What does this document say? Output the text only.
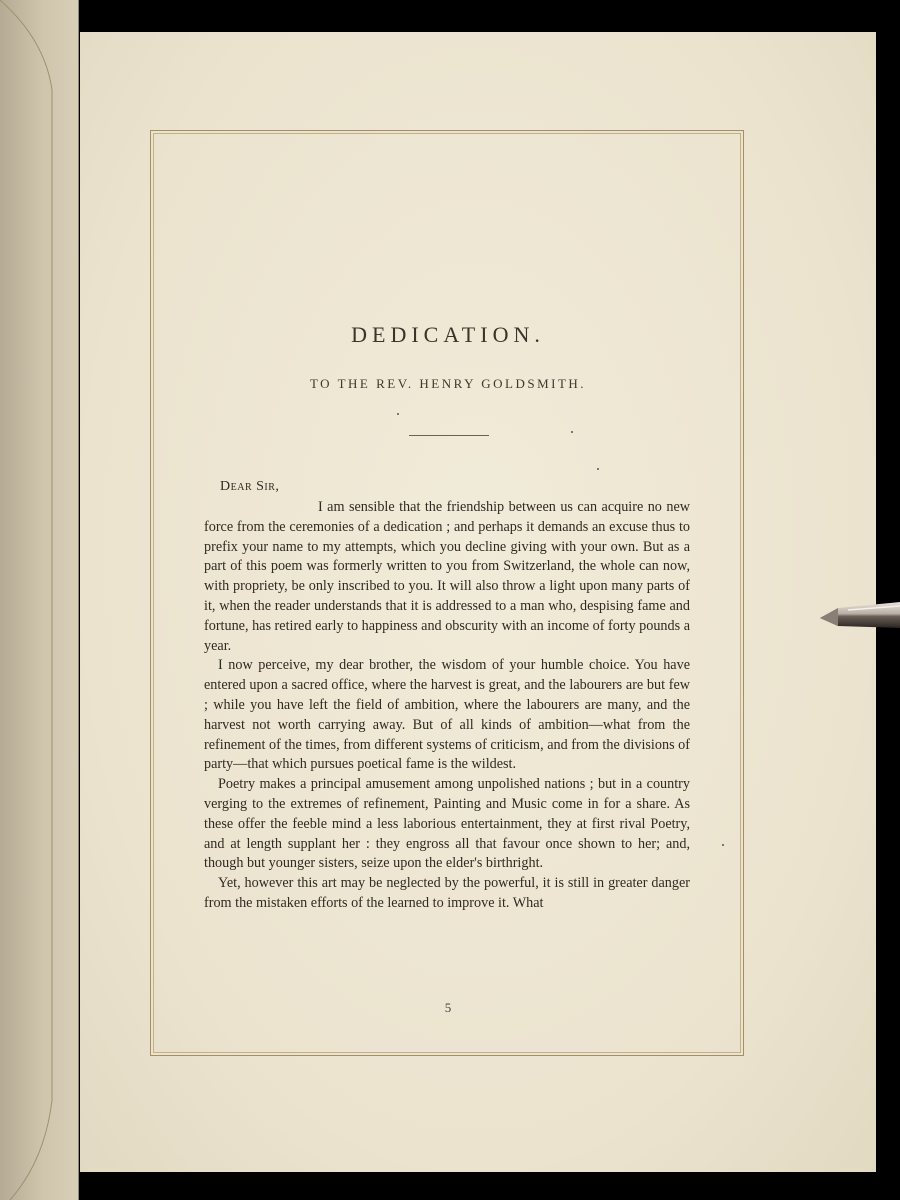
DEDICATION.
TO THE REV. HENRY GOLDSMITH.
Dear Sir,

I am sensible that the friendship between us can acquire no new force from the ceremonies of a dedication ; and perhaps it demands an excuse thus to prefix your name to my attempts, which you decline giving with your own. But as a part of this poem was formerly written to you from Switzerland, the whole can now, with propriety, be only inscribed to you. It will also throw a light upon many parts of it, when the reader understands that it is addressed to a man who, despising fame and fortune, has retired early to happiness and obscurity with an income of forty pounds a year.

I now perceive, my dear brother, the wisdom of your humble choice. You have entered upon a sacred office, where the harvest is great, and the labourers are but few ; while you have left the field of ambition, where the labourers are many, and the harvest not worth carrying away. But of all kinds of ambition—what from the refinement of the times, from different systems of criticism, and from the divisions of party—that which pursues poetical fame is the wildest.

Poetry makes a principal amusement among unpolished nations ; but in a country verging to the extremes of refinement, Painting and Music come in for a share. As these offer the feeble mind a less laborious entertainment, they at first rival Poetry, and at length supplant her : they engross all that favour once shown to her; and, though but younger sisters, seize upon the elder's birthright.

Yet, however this art may be neglected by the powerful, it is still in greater danger from the mistaken efforts of the learned to improve it. What

5
